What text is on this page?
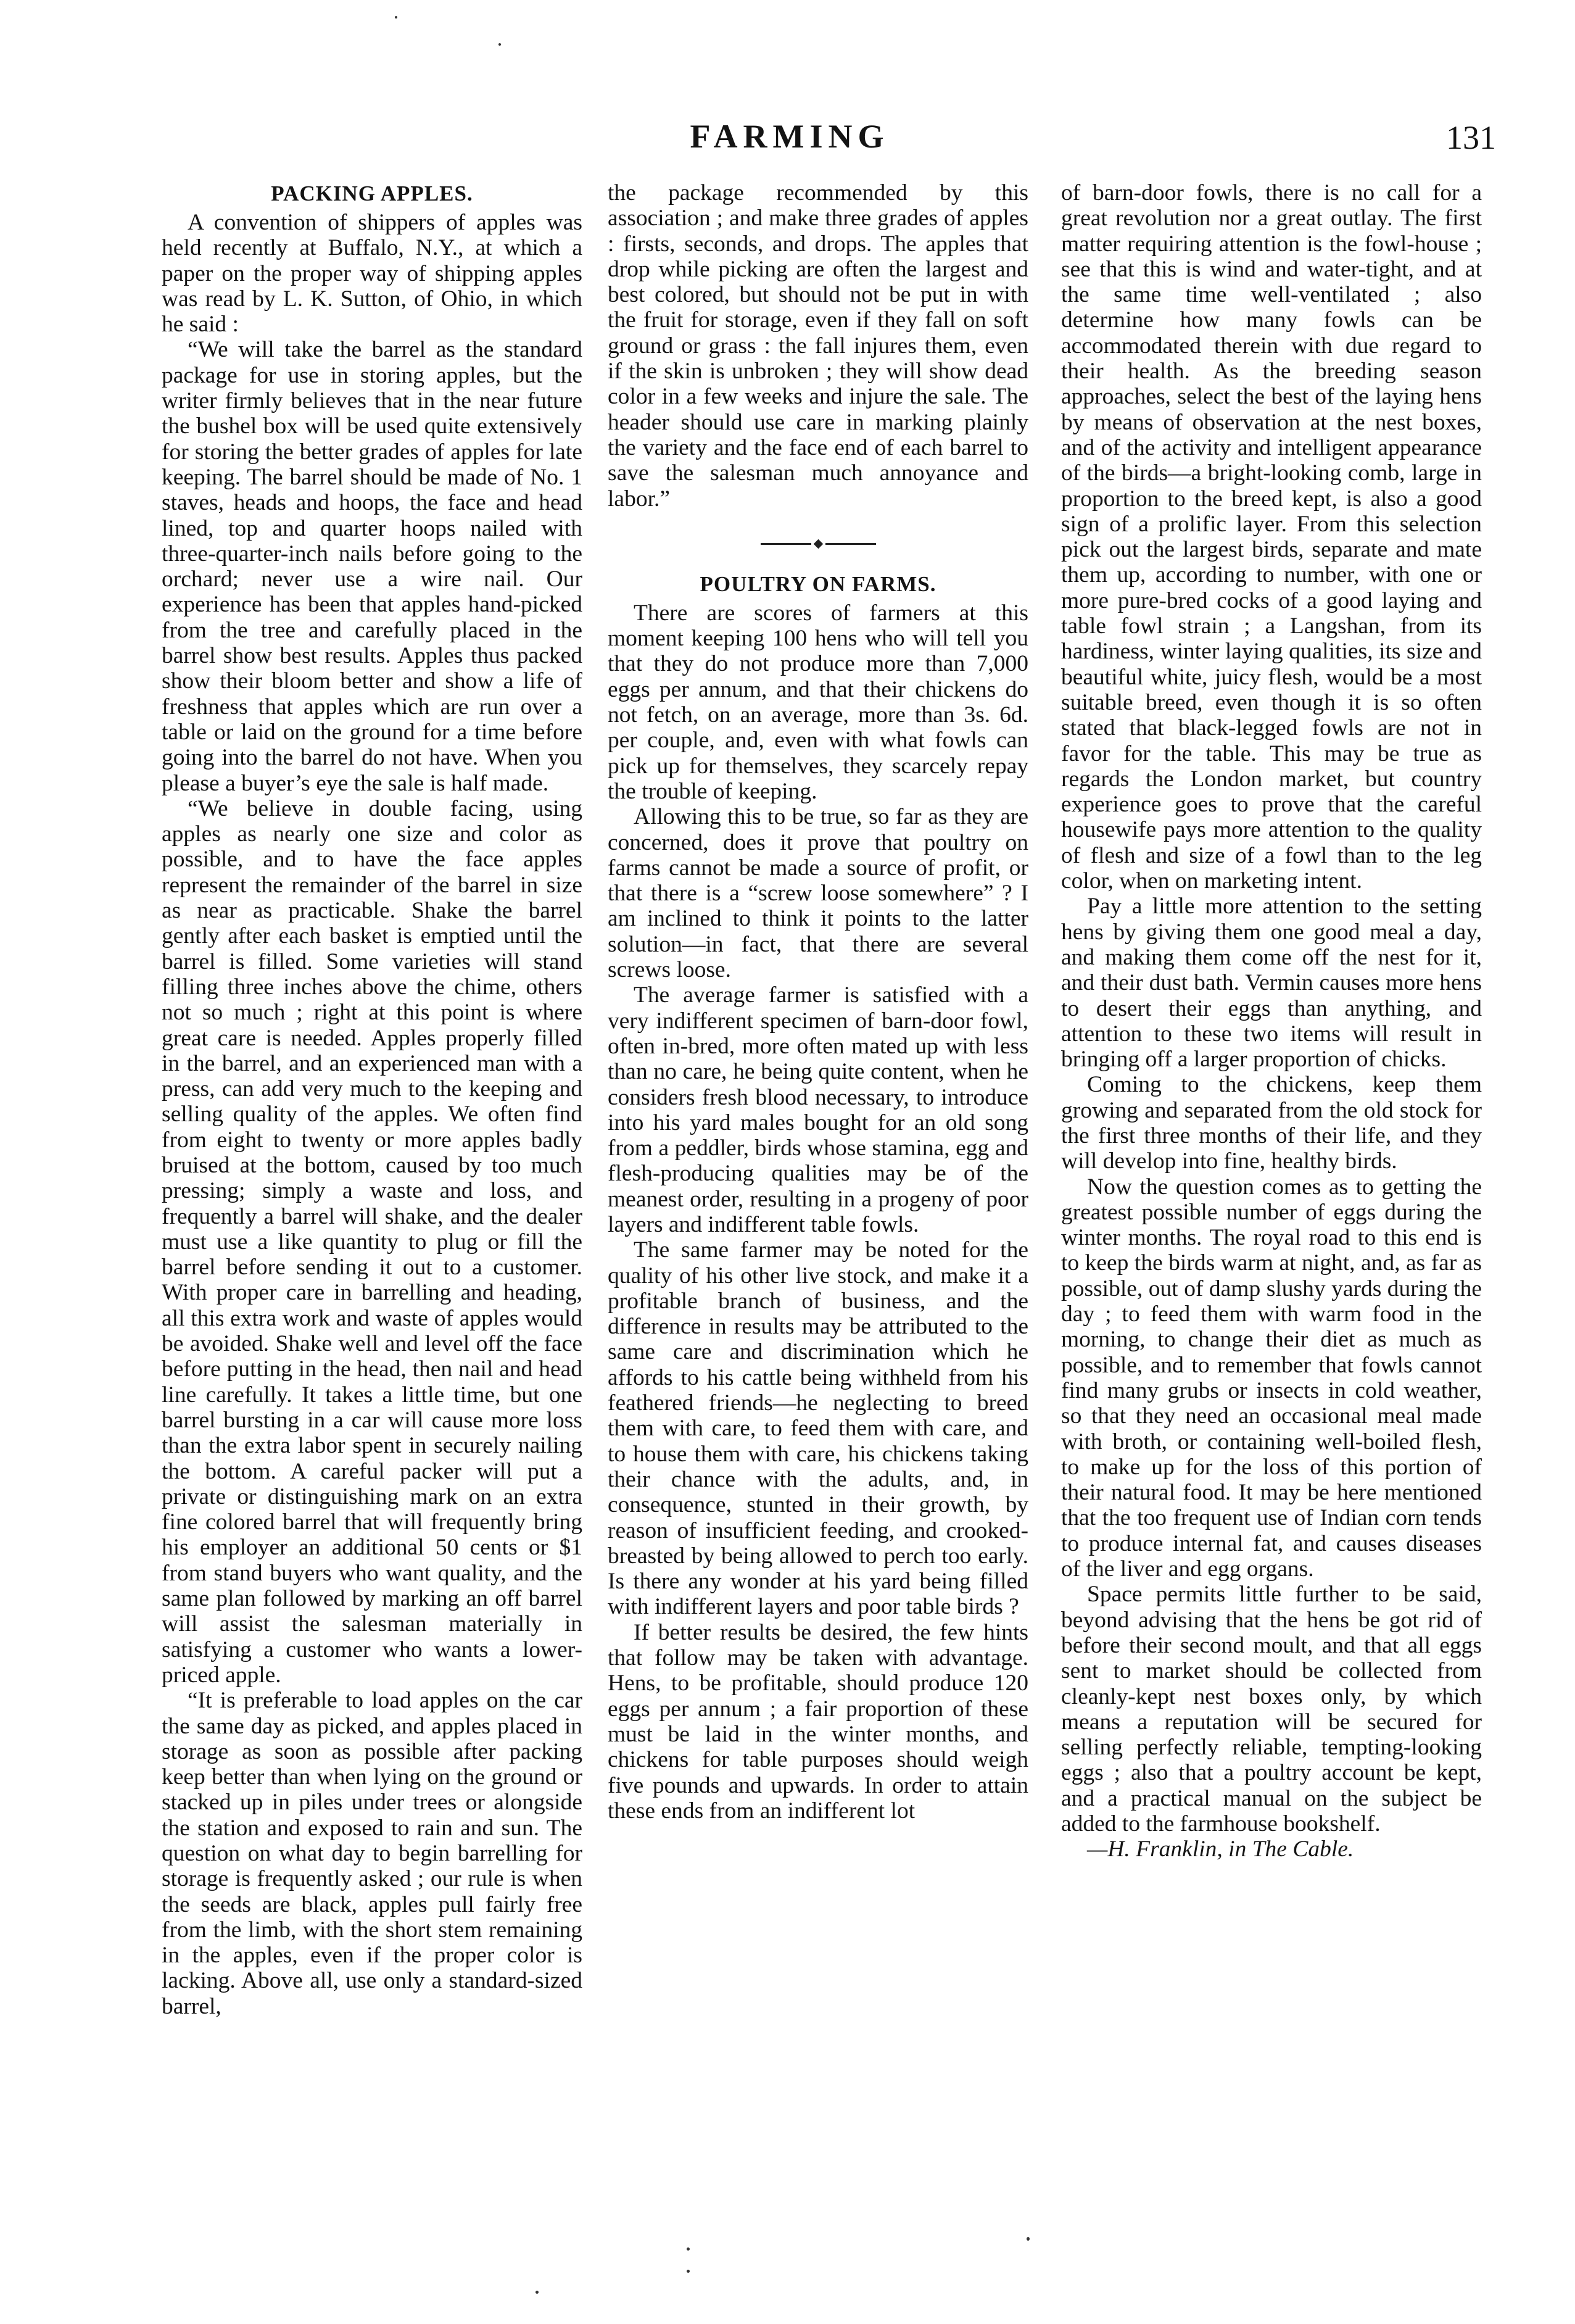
FARMING	131
PACKING APPLES.

A convention of shippers of apples was held recently at Buffalo, N.Y., at which a paper on the proper way of shipping apples was read by L. K. Sutton, of Ohio, in which he said :

“We will take the barrel as the standard package for use in storing apples, but the writer firmly believes that in the near future the bushel box will be used quite extensively for storing the better grades of apples for late keeping. The barrel should be made of No. 1 staves, heads and hoops, the face and head lined, top and quarter hoops nailed with three-quarter-inch nails before going to the orchard; never use a wire nail. Our experience has been that apples hand-picked from the tree and carefully placed in the barrel show best results. Apples thus packed show their bloom better and show a life of freshness that apples which are run over a table or laid on the ground for a time before going into the barrel do not have. When you please a buyer’s eye the sale is half made.

“We believe in double facing, using apples as nearly one size and color as possible, and to have the face apples represent the remainder of the barrel in size as near as practicable. Shake the barrel gently after each basket is emptied until the barrel is filled. Some varieties will stand filling three inches above the chime, others not so much ; right at this point is where great care is needed. Apples properly filled in the barrel, and an experienced man with a press, can add very much to the keeping and selling quality of the apples. We often find from eight to twenty or more apples badly bruised at the bottom, caused by too much pressing; simply a waste and loss, and frequently a barrel will shake, and the dealer must use a like quantity to plug or fill the barrel before sending it out to a customer. With proper care in barrelling and heading, all this extra work and waste of apples would be avoided. Shake well and level off the face before putting in the head, then nail and head line carefully. It takes a little time, but one barrel bursting in a car will cause more loss than the extra labor spent in securely nailing the bottom. A careful packer will put a private or distinguishing mark on an extra fine colored barrel that will frequently bring his employer an additional 50 cents or $1 from stand buyers who want quality, and the same plan followed by marking an off barrel will assist the salesman materially in satisfying a customer who wants a lower-priced apple.

“It is preferable to load apples on the car the same day as picked, and apples placed in storage as soon as possible after packing keep better than when lying on the ground or stacked up in piles under trees or alongside the station and exposed to rain and sun. The question on what day to begin barrelling for storage is frequently asked ; our rule is when the seeds are black, apples pull fairly free from the limb, with the short stem remaining in the apples, even if the proper color is lacking. Above all, use only a standard-sized barrel,

the package recommended by this association ; and make three grades of apples : firsts, seconds, and drops. The apples that drop while picking are often the largest and best colored, but should not be put in with the fruit for storage, even if they fall on soft ground or grass : the fall injures them, even if the skin is unbroken ; they will show dead color in a few weeks and injure the sale. The header should use care in marking plainly the variety and the face end of each barrel to save the salesman much annoyance and labor.”

POULTRY ON FARMS.

There are scores of farmers at this moment keeping 100 hens who will tell you that they do not produce more than 7,000 eggs per annum, and that their chickens do not fetch, on an average, more than 3s. 6d. per couple, and, even with what fowls can pick up for themselves, they scarcely repay the trouble of keeping.

Allowing this to be true, so far as they are concerned, does it prove that poultry on farms cannot be made a source of profit, or that there is a “screw loose somewhere” ? I am inclined to think it points to the latter solution—in fact, that there are several screws loose.

The average farmer is satisfied with a very indifferent specimen of barn-door fowl, often in-bred, more often mated up with less than no care, he being quite content, when he considers fresh blood necessary, to introduce into his yard males bought for an old song from a peddler, birds whose stamina, egg and flesh-producing qualities may be of the meanest order, resulting in a progeny of poor layers and indifferent table fowls.

The same farmer may be noted for the quality of his other live stock, and make it a profitable branch of business, and the difference in results may be attributed to the same care and discrimination which he affords to his cattle being withheld from his feathered friends—he neglecting to breed them with care, to feed them with care, and to house them with care, his chickens taking their chance with the adults, and, in consequence, stunted in their growth, by reason of insufficient feeding, and crooked-breasted by being allowed to perch too early. Is there any wonder at his yard being filled with indifferent layers and poor table birds ?

If better results be desired, the few hints that follow may be taken with advantage. Hens, to be profitable, should produce 120 eggs per annum ; a fair proportion of these must be laid in the winter months, and chickens for table purposes should weigh five pounds and upwards. In order to attain these ends from an indifferent lot

of barn-door fowls, there is no call for a great revolution nor a great outlay. The first matter requiring attention is the fowl-house ; see that this is wind and water-tight, and at the same time well-ventilated ; also determine how many fowls can be accommodated therein with due regard to their health. As the breeding season approaches, select the best of the laying hens by means of observation at the nest boxes, and of the activity and intelligent appearance of the birds—a bright-looking comb, large in proportion to the breed kept, is also a good sign of a prolific layer. From this selection pick out the largest birds, separate and mate them up, according to number, with one or more pure-bred cocks of a good laying and table fowl strain ; a Langshan, from its hardiness, winter laying qualities, its size and beautiful white, juicy flesh, would be a most suitable breed, even though it is so often stated that black-legged fowls are not in favor for the table. This may be true as regards the London market, but country experience goes to prove that the careful housewife pays more attention to the quality of flesh and size of a fowl than to the leg color, when on marketing intent.

Pay a little more attention to the setting hens by giving them one good meal a day, and making them come off the nest for it, and their dust bath. Vermin causes more hens to desert their eggs than anything, and attention to these two items will result in bringing off a larger proportion of chicks.

Coming to the chickens, keep them growing and separated from the old stock for the first three months of their life, and they will develop into fine, healthy birds.

Now the question comes as to getting the greatest possible number of eggs during the winter months. The royal road to this end is to keep the birds warm at night, and, as far as possible, out of damp slushy yards during the day ; to feed them with warm food in the morning, to change their diet as much as possible, and to remember that fowls cannot find many grubs or insects in cold weather, so that they need an occasional meal made with broth, or containing well-boiled flesh, to make up for the loss of this portion of their natural food. It may be here mentioned that the too frequent use of Indian corn tends to produce internal fat, and causes diseases of the liver and egg organs.

Space permits little further to be said, beyond advising that the hens be got rid of before their second moult, and that all eggs sent to market should be collected from cleanly-kept nest boxes only, by which means a reputation will be secured for selling perfectly reliable, tempting-looking eggs ; also that a poultry account be kept, and a practical manual on the subject be added to the farmhouse bookshelf.

—H. Franklin, in The Cable.
